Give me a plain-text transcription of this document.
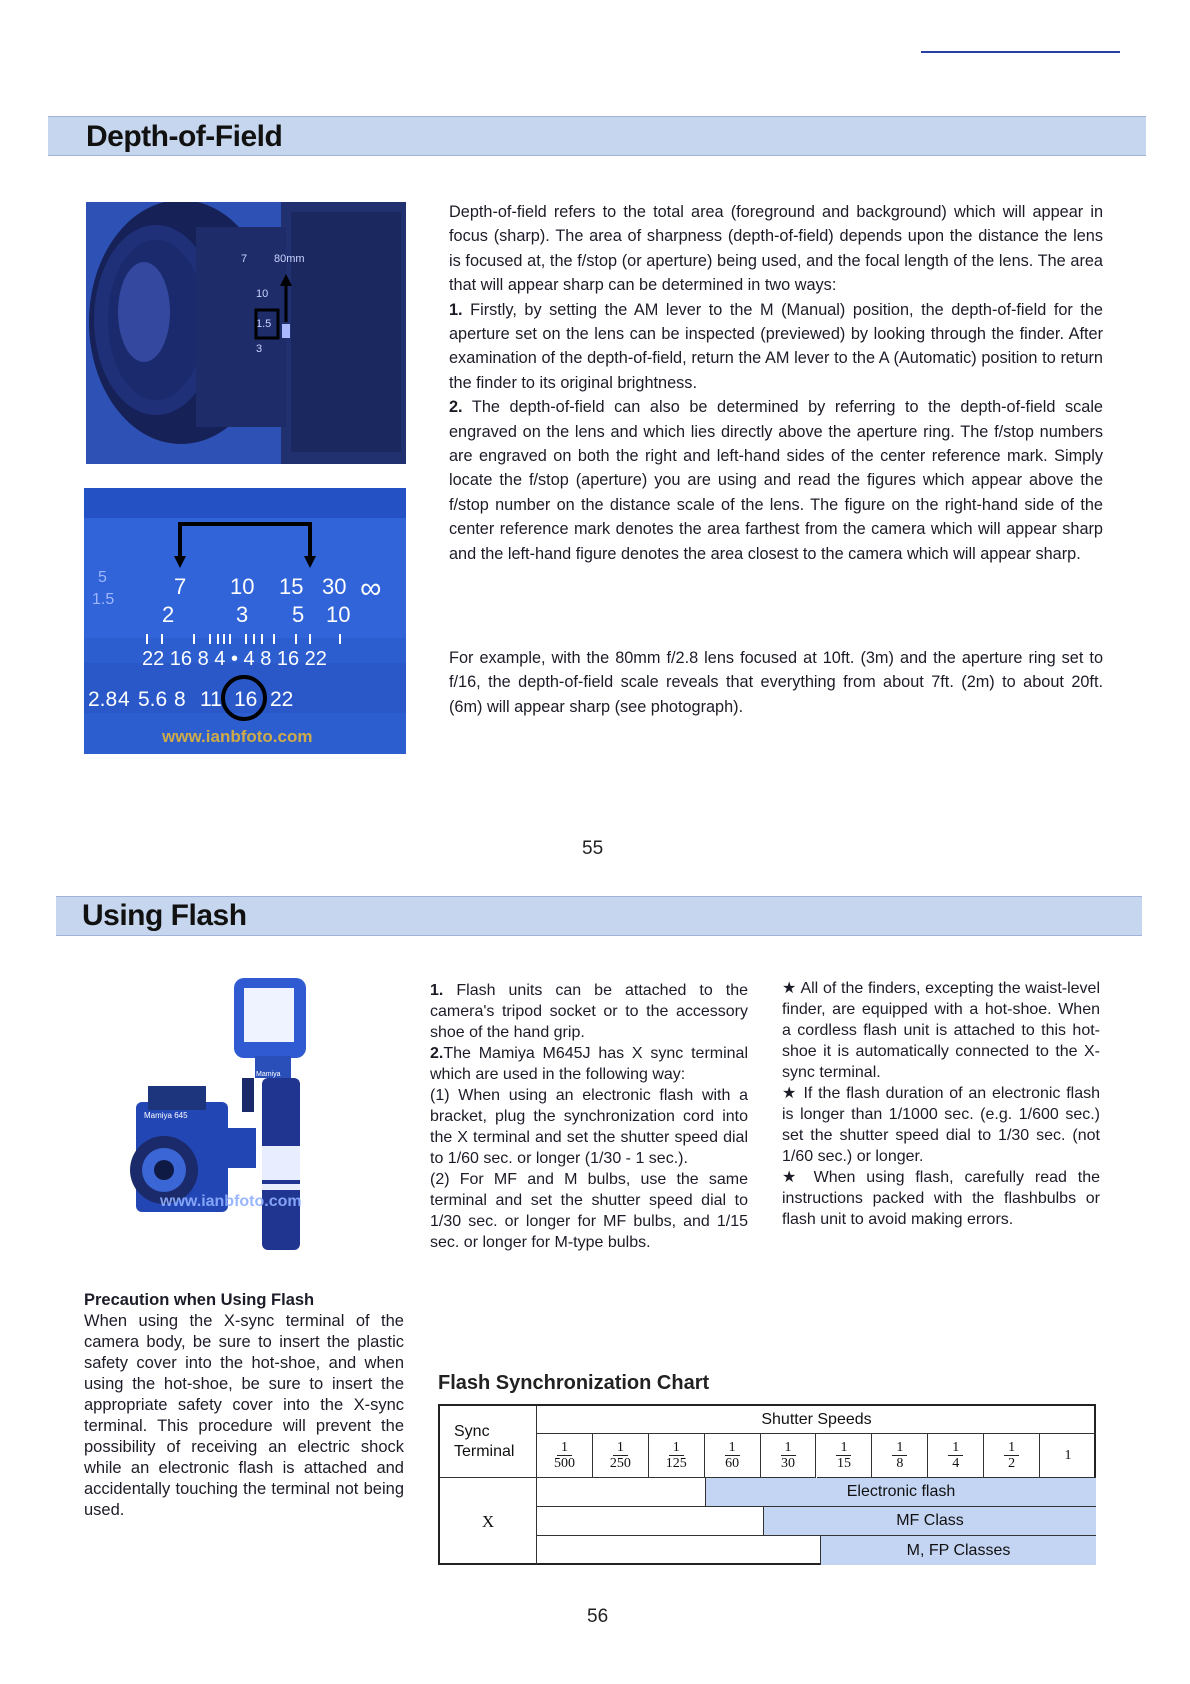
Depth-of-Field
7 80mm
10
1.5
3
7 10 15 30 ∞
2	3 5 10
5
1.5
22 16 8 4 • 4 8 16 22
2.8 4 5.6 8 11 16 22
www.ianbfoto.com

Depth-of-field refers to the total area (foreground and background) which will appear in focus (sharp). The area of sharpness (depth-of-field) depends upon the distance the lens is focused at, the f/stop (or aperture) being used, and the focal length of the lens. The area that will appear sharp can be determined in two ways:

1. Firstly, by setting the AM lever to the M (Manual) position, the depth-of-field for the aperture set on the lens can be inspected (previewed) by looking through the finder. After examination of the depth-of-field, return the AM lever to the A (Automatic) position to return the finder to its original brightness.

2. The depth-of-field can also be determined by referring to the depth-of-field scale engraved on the lens and which lies directly above the aperture ring. The f/stop numbers are engraved on both the right and left-hand sides of the center reference mark. Simply locate the f/stop (aperture) you are using and read the figures which appear above the f/stop number on the distance scale of the lens. The figure on the right-hand side of the center reference mark denotes the area farthest from the camera which will appear sharp and the left-hand figure denotes the area closest to the camera which will appear sharp.

For example, with the 80mm f/2.8 lens focused at 10ft. (3m) and the aperture ring set to f/16, the depth-of-field scale reveals that everything from about 7ft. (2m) to about 20ft. (6m) will appear sharp (see photograph).

55
Using Flash
Mamiya 645
Mamiya
www.ianbfoto.com

1. Flash units can be attached to the camera's tripod socket or to the accessory shoe of the hand grip.

2.The Mamiya M645J has X sync terminal which are used in the following way:

(1) When using an electronic flash with a bracket, plug the synchronization cord into the X terminal and set the shutter speed dial to 1/60 sec. or longer (1/30 - 1 sec.).

(2) For MF and M bulbs, use the same terminal and set the shutter speed dial to 1/30 sec. or longer for MF bulbs, and 1/15 sec. or longer for M-type bulbs.

★ All of the finders, excepting the waist-level finder, are equipped with a hot-shoe. When a cordless flash unit is attached to this hot-shoe it is automatically connected to the X-sync terminal.

★ If the flash duration of an electronic flash is longer than 1/1000 sec. (e.g. 1/600 sec.) set the shutter speed dial to 1/30 sec. (not 1/60 sec.) or longer.

★ When using flash, carefully read the instructions packed with the flashbulbs or flash unit to avoid making errors.

Precaution when Using Flash

When using the X-sync terminal of the camera body, be sure to insert the plastic safety cover into the hot-shoe, and when using the hot-shoe, be sure to insert the appropriate safety cover into the X-sync terminal. This procedure will prevent the possibility of receiving an electric shock while an electronic flash is attached and accidentally touching the terminal not being used.

Flash Synchronization Chart
Sync Terminal
Shutter Speeds
1
500
1
250
1
125
1
60
1
30
1
15
1
8
1
4
1
2
1
X
Electronic flash
MF Class
M, FP Classes
56
